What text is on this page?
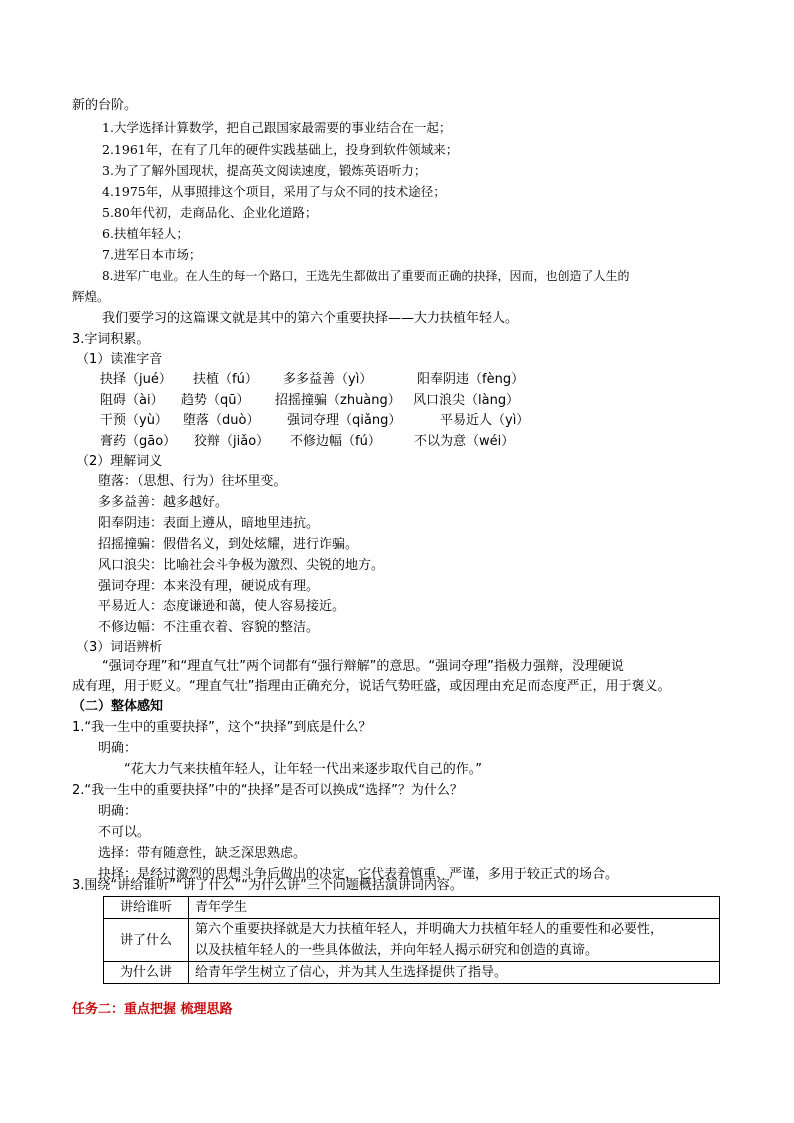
新的台阶。
1.大学选择计算数学，把自己跟国家最需要的事业结合在一起；
2.1961年，在有了几年的硬件实践基础上，投身到软件领域来；
3.为了了解外国现状，提高英文阅读速度，锻炼英语听力；
4.1975年，从事照排这个项目，采用了与众不同的技术途径；
5.80年代初，走商品化、企业化道路；
6.扶植年轻人；
7.进军日本市场；
8.进军广电业。在人生的每一个路口，王选先生都做出了重要而正确的抉择，因而，也创造了人生的
辉煌。
我们要学习的这篇课文就是其中的第六个重要抉择——大力扶植年轻人。
3.字词积累。
（1）读准字音
抉择（jué） 扶植（fú） 多多益善（yì）	阳奉阴违（fèng）
阻碍（ài） 趋势（qū） 招摇撞骗（zhuàng） 风口浪尖（làng）
干预（yù） 堕落（duò） 强词夺理（qiǎng）	平易近人（yì）
膏药（gāo） 狡辩（jiǎo） 不修边幅（fú）	不以为意（wéi）
（2）理解词义
堕落：（思想、行为）往坏里变。
多多益善：越多越好。
阳奉阴违：表面上遵从，暗地里违抗。
招摇撞骗：假借名义，到处炫耀，进行诈骗。
风口浪尖：比喻社会斗争极为激烈、尖锐的地方。
强词夺理：本来没有理，硬说成有理。
平易近人：态度谦逊和蔼，使人容易接近。
不修边幅：不注重衣着、容貌的整洁。
（3）词语辨析
“强词夺理”和“理直气壮”两个词都有“强行辩解”的意思。“强词夺理”指极力强辩，没理硬说
成有理，用于贬义。“理直气壮”指理由正确充分，说话气势旺盛，或因理由充足而态度严正，用于褒义。
（二）整体感知
1.“我一生中的重要抉择”，这个“抉择”到底是什么？
明确：
“花大力气来扶植年轻人，让年轻一代出来逐步取代自己的作。”
2.“我一生中的重要抉择”中的“抉择”是否可以换成“选择”？为什么？
明确：
不可以。
选择：带有随意性，缺乏深思熟虑。
抉择：是经过激烈的思想斗争后做出的决定，它代表着慎重、严谨，多用于较正式的场合。
3.围绕“讲给谁听”“讲了什么”“为什么讲”三个问题概括演讲词内容。
讲给谁听	青年学生
讲了什么	第六个重要抉择就是大力扶植年轻人，并明确大力扶植年轻人的重要性和必要性，
以及扶植年轻人的一些具体做法，并向年轻人揭示研究和创造的真谛。

为什么讲	给青年学生树立了信心，并为其人生选择提供了指导。
任务二：重点把握 梳理思路
